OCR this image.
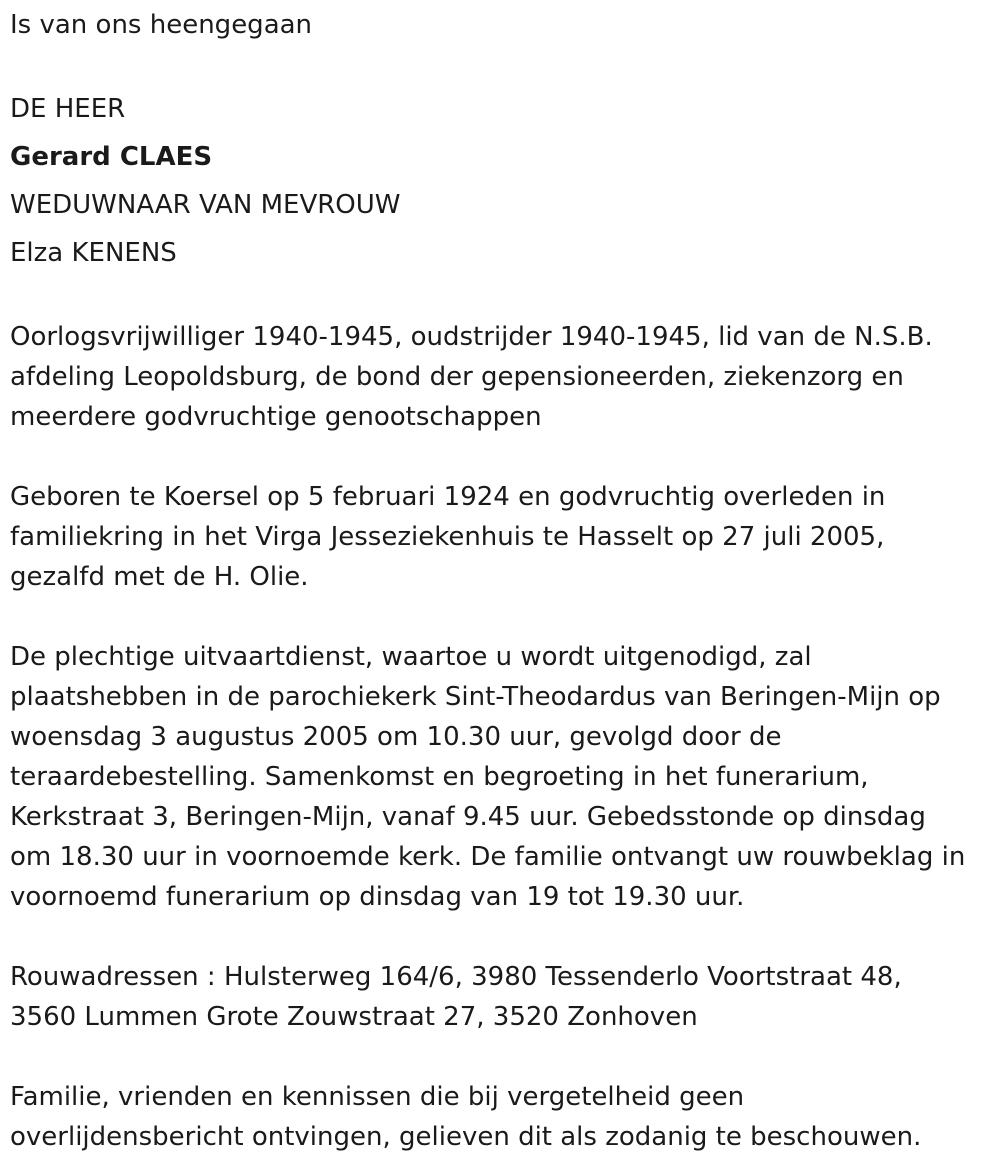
Is van ons heengegaan
DE HEER
Gerard CLAES
WEDUWNAAR VAN MEVROUW
Elza KENENS
Oorlogsvrijwilliger 1940-1945, oudstrijder 1940-1945, lid van de N.S.B.
afdeling Leopoldsburg, de bond der gepensioneerden, ziekenzorg en
meerdere godvruchtige genootschappen
Geboren te Koersel op 5 februari 1924 en godvruchtig overleden in
familiekring in het Virga Jesseziekenhuis te Hasselt op 27 juli 2005,
gezalfd met de H. Olie.
De plechtige uitvaartdienst, waartoe u wordt uitgenodigd, zal
plaatshebben in de parochiekerk Sint-Theodardus van Beringen-Mijn op
woensdag 3 augustus 2005 om 10.30 uur, gevolgd door de
teraardebestelling. Samenkomst en begroeting in het funerarium,
Kerkstraat 3, Beringen-Mijn, vanaf 9.45 uur. Gebedsstonde op dinsdag
om 18.30 uur in voornoemde kerk. De familie ontvangt uw rouwbeklag in
voornoemd funerarium op dinsdag van 19 tot 19.30 uur.
Rouwadressen : Hulsterweg 164/6, 3980 Tessenderlo Voortstraat 48,
3560 Lummen Grote Zouwstraat 27, 3520 Zonhoven
Familie, vrienden en kennissen die bij vergetelheid geen
overlijdensbericht ontvingen, gelieven dit als zodanig te beschouwen.
